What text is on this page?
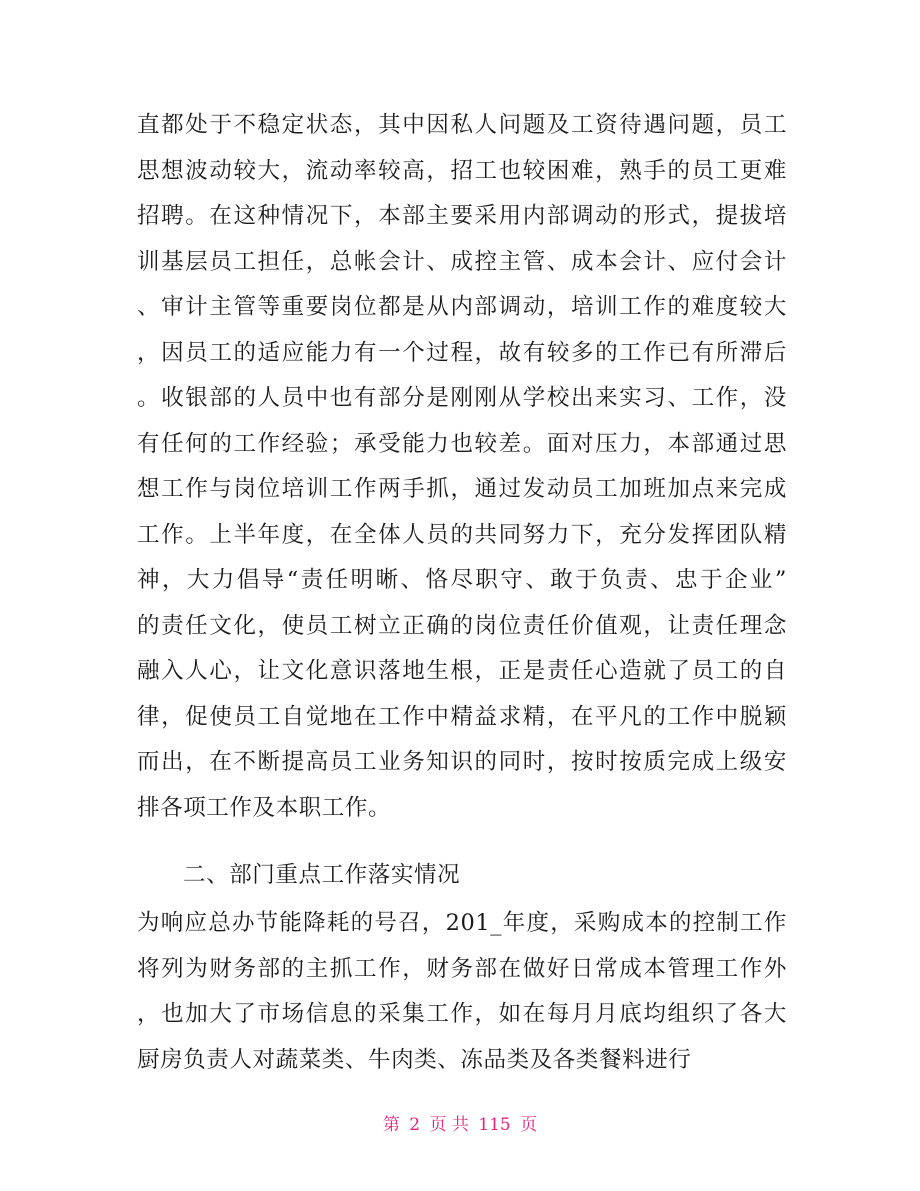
直都处于不稳定状态，其中因私人问题及工资待遇问题，员工
思想波动较大，流动率较高，招工也较困难，熟手的员工更难
招聘。在这种情况下，本部主要采用内部调动的形式，提拔培
训基层员工担任，总帐会计、成控主管、成本会计、应付会计
、审计主管等重要岗位都是从内部调动，培训工作的难度较大
，因员工的适应能力有一个过程，故有较多的工作已有所滞后
。收银部的人员中也有部分是刚刚从学校出来实习、工作，没
有任何的工作经验；承受能力也较差。面对压力，本部通过思
想工作与岗位培训工作两手抓，通过发动员工加班加点来完成
工作。上半年度，在全体人员的共同努力下，充分发挥团队精
神，大力倡导“责任明晰、恪尽职守、敢于负责、忠于企业”
的责任文化，使员工树立正确的岗位责任价值观，让责任理念
融入人心，让文化意识落地生根，正是责任心造就了员工的自
律，促使员工自觉地在工作中精益求精，在平凡的工作中脱颖
而出，在不断提高员工业务知识的同时，按时按质完成上级安
排各项工作及本职工作。
二、部门重点工作落实情况
为响应总办节能降耗的号召，201_年度，采购成本的控制工作
将列为财务部的主抓工作，财务部在做好日常成本管理工作外
，也加大了市场信息的采集工作，如在每月月底均组织了各大
厨房负责人对蔬菜类、牛肉类、冻品类及各类餐料进行
第 2 页 共 115 页
